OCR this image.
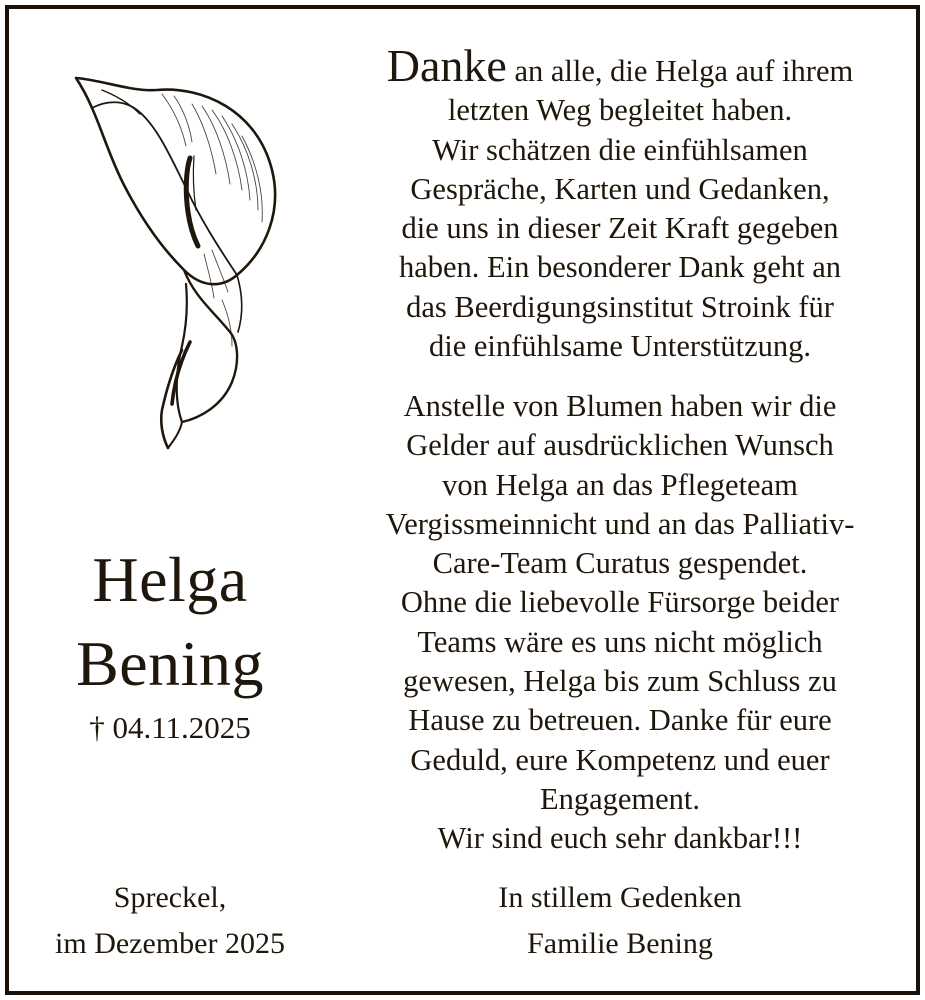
Helga
Bening
† 04.11.2025
Danke an alle, die Helga auf ihrem
letzten Weg begleitet haben.
Wir schätzen die einfühlsamen
Gespräche, Karten und Gedanken,
die uns in dieser Zeit Kraft gegeben
haben. Ein besonderer Dank geht an
das Beerdigungsinstitut Stroink für
die einfühlsame Unterstützung.
Anstelle von Blumen haben wir die
Gelder auf ausdrücklichen Wunsch
von Helga an das Pflegeteam
Vergissmeinnicht und an das Palliativ-
Care-Team Curatus gespendet.
Ohne die liebevolle Fürsorge beider
Teams wäre es uns nicht möglich
gewesen, Helga bis zum Schluss zu
Hause zu betreuen. Danke für eure
Geduld, eure Kompetenz und euer
Engagement.
Wir sind euch sehr dankbar!!!
Spreckel,
im Dezember 2025
In stillem Gedenken
Familie Bening
